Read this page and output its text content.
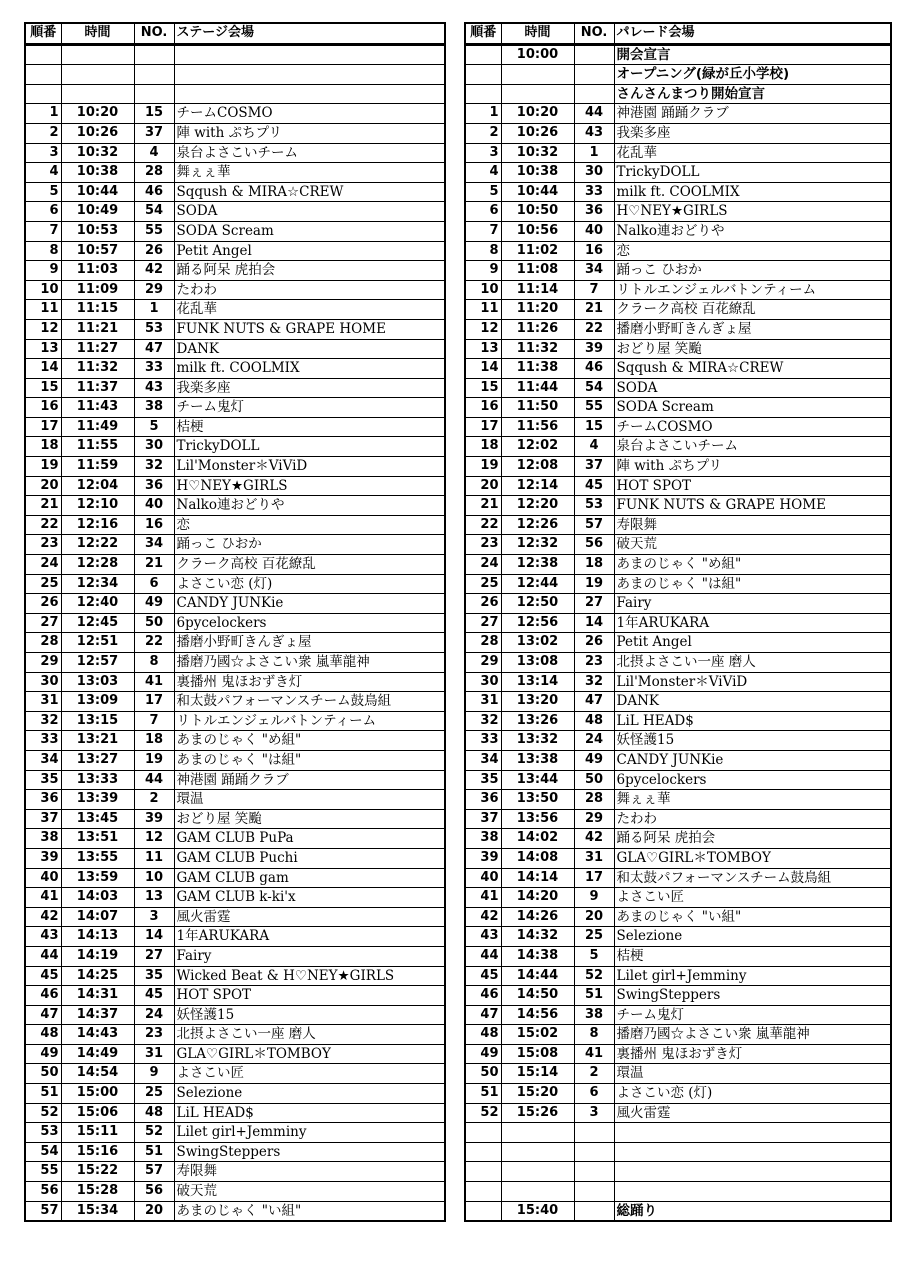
順番	時間	NO.	ステージ会場

1	10:20	15	チームCOSMO
2	10:26	37	陣 with ぷちプリ
3	10:32	4	泉台よさこいチーム
4	10:38	28	舞ぇぇ華
5	10:44	46	Sqqush & MIRA☆CREW
6	10:49	54	SODA
7	10:53	55	SODA Scream
8	10:57	26	Petit Angel
9	11:03	42	踊る阿呆 虎拍会
10	11:09	29	たわわ
11	11:15	1	花乱華
12	11:21	53	FUNK NUTS & GRAPE HOME
13	11:27	47	DANK
14	11:32	33	milk ft. COOLMIX
15	11:37	43	我楽多座
16	11:43	38	チーム鬼灯
17	11:49	5	桔梗
18	11:55	30	TrickyDOLL
19	11:59	32	Lil'Monster＊ViViD
20	12:04	36	H♡NEY★GIRLS
21	12:10	40	Nalko連おどりや
22	12:16	16	恋
23	12:22	34	踊っこ ひおか
24	12:28	21	クラーク高校 百花繚乱
25	12:34	6	よさこい恋 (灯)
26	12:40	49	CANDY JUNKie
27	12:45	50	6pycelockers
28	12:51	22	播磨小野町きんぎょ屋
29	12:57	8	播磨乃國☆よさこい衆 嵐華龍神
30	13:03	41	裏播州 鬼ほおずき灯
31	13:09	17	和太鼓パフォーマンスチーム鼓鳥組
32	13:15	7	リトルエンジェルバトンティーム
33	13:21	18	あまのじゃく "め組"
34	13:27	19	あまのじゃく "は組"
35	13:33	44	神港園 踊踊クラブ
36	13:39	2	環温
37	13:45	39	おどり屋 笑颱
38	13:51	12	GAM CLUB PuPa
39	13:55	11	GAM CLUB Puchi
40	13:59	10	GAM CLUB gam
41	14:03	13	GAM CLUB k-ki'x
42	14:07	3	風火雷霆
43	14:13	14	1年ARUKARA
44	14:19	27	Fairy
45	14:25	35	Wicked Beat & H♡NEY★GIRLS
46	14:31	45	HOT SPOT
47	14:37	24	妖怪護15
48	14:43	23	北摂よさこい一座 磨人
49	14:49	31	GLA♡GIRL＊TOMBOY
50	14:54	9	よさこい匠
51	15:00	25	Selezione
52	15:06	48	LiL HEAD$
53	15:11	52	Lilet girl+Jemminy
54	15:16	51	SwingSteppers
55	15:22	57	寿限舞
56	15:28	56	破天荒
57	15:34	20	あまのじゃく "い組"
順番	時間	NO.	パレード会場
	10:00		開会宣言
			オープニング(緑が丘小学校)
			さんさんまつり開始宣言
1	10:20	44	神港園 踊踊クラブ
2	10:26	43	我楽多座
3	10:32	1	花乱華
4	10:38	30	TrickyDOLL
5	10:44	33	milk ft. COOLMIX
6	10:50	36	H♡NEY★GIRLS
7	10:56	40	Nalko連おどりや
8	11:02	16	恋
9	11:08	34	踊っこ ひおか
10	11:14	7	リトルエンジェルバトンティーム
11	11:20	21	クラーク高校 百花繚乱
12	11:26	22	播磨小野町きんぎょ屋
13	11:32	39	おどり屋 笑颱
14	11:38	46	Sqqush & MIRA☆CREW
15	11:44	54	SODA
16	11:50	55	SODA Scream
17	11:56	15	チームCOSMO
18	12:02	4	泉台よさこいチーム
19	12:08	37	陣 with ぷちプリ
20	12:14	45	HOT SPOT
21	12:20	53	FUNK NUTS & GRAPE HOME
22	12:26	57	寿限舞
23	12:32	56	破天荒
24	12:38	18	あまのじゃく "め組"
25	12:44	19	あまのじゃく "は組"
26	12:50	27	Fairy
27	12:56	14	1年ARUKARA
28	13:02	26	Petit Angel
29	13:08	23	北摂よさこい一座 磨人
30	13:14	32	Lil'Monster＊ViViD
31	13:20	47	DANK
32	13:26	48	LiL HEAD$
33	13:32	24	妖怪護15
34	13:38	49	CANDY JUNKie
35	13:44	50	6pycelockers
36	13:50	28	舞ぇぇ華
37	13:56	29	たわわ
38	14:02	42	踊る阿呆 虎拍会
39	14:08	31	GLA♡GIRL＊TOMBOY
40	14:14	17	和太鼓パフォーマンスチーム鼓鳥組
41	14:20	9	よさこい匠
42	14:26	20	あまのじゃく "い組"
43	14:32	25	Selezione
44	14:38	5	桔梗
45	14:44	52	Lilet girl+Jemminy
46	14:50	51	SwingSteppers
47	14:56	38	チーム鬼灯
48	15:02	8	播磨乃國☆よさこい衆 嵐華龍神
49	15:08	41	裏播州 鬼ほおずき灯
50	15:14	2	環温
51	15:20	6	よさこい恋 (灯)
52	15:26	3	風火雷霆

	15:40		総踊り
